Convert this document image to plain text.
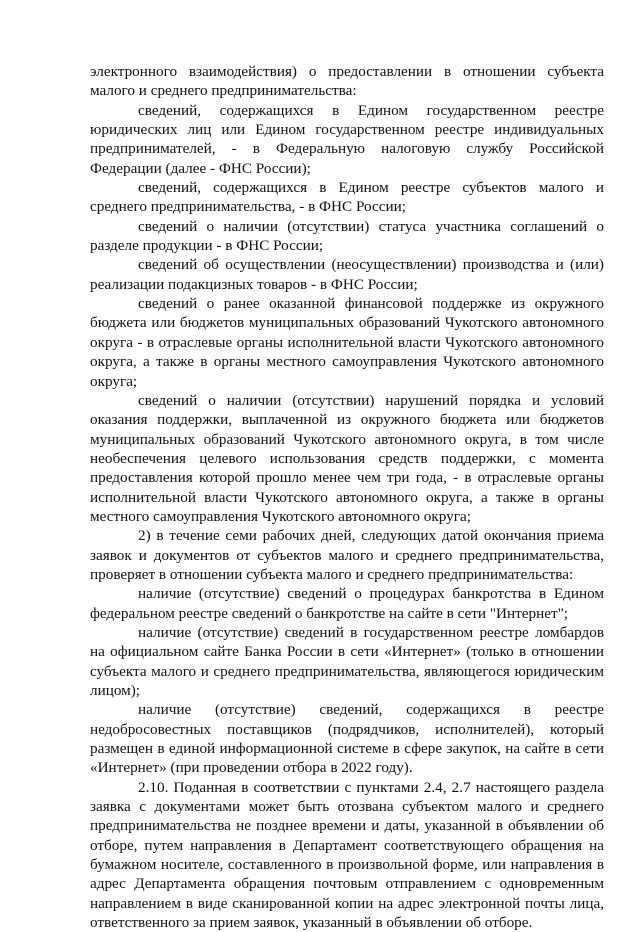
электронного взаимодействия) о предоставлении в отношении субъекта малого и среднего предпринимательства:

сведений, содержащихся в Едином государственном реестре юридических лиц или Едином государственном реестре индивидуальных предпринимателей, - в Федеральную налоговую службу Российской Федерации (далее - ФНС России);

сведений, содержащихся в Едином реестре субъектов малого и среднего предпринимательства, - в ФНС России;

сведений о наличии (отсутствии) статуса участника соглашений о разделе продукции - в ФНС России;

сведений об осуществлении (неосуществлении) производства и (или) реализации подакцизных товаров - в ФНС России;

сведений о ранее оказанной финансовой поддержке из окружного бюджета или бюджетов муниципальных образований Чукотского автономного округа - в отраслевые органы исполнительной власти Чукотского автономного округа, а также в органы местного самоуправления Чукотского автономного округа;

сведений о наличии (отсутствии) нарушений порядка и условий оказания поддержки, выплаченной из окружного бюджета или бюджетов муниципальных образований Чукотского автономного округа, в том числе необеспечения целевого использования средств поддержки, с момента предоставления которой прошло менее чем три года, - в отраслевые органы исполнительной власти Чукотского автономного округа, а также в органы местного самоуправления Чукотского автономного округа;

2) в течение семи рабочих дней, следующих датой окончания приема заявок и документов от субъектов малого и среднего предпринимательства, проверяет в отношении субъекта малого и среднего предпринимательства:

наличие (отсутствие) сведений о процедурах банкротства в Едином федеральном реестре сведений о банкротстве на сайте в сети "Интернет";

наличие (отсутствие) сведений в государственном реестре ломбардов на официальном сайте Банка России в сети «Интернет» (только в отношении субъекта малого и среднего предпринимательства, являющегося юридическим лицом);

наличие (отсутствие) сведений, содержащихся в реестре недобросовестных поставщиков (подрядчиков, исполнителей), который размещен в единой информационной системе в сфере закупок, на сайте в сети «Интернет» (при проведении отбора в 2022 году).

2.10. Поданная в соответствии с пунктами 2.4, 2.7 настоящего раздела заявка с документами может быть отозвана субъектом малого и среднего предпринимательства не позднее времени и даты, указанной в объявлении об отборе, путем направления в Департамент соответствующего обращения на бумажном носителе, составленного в произвольной форме, или направления в адрес Департамента обращения почтовым отправлением с одновременным направлением в виде сканированной копии на адрес электронной почты лица, ответственного за прием заявок, указанный в объявлении об отборе.
